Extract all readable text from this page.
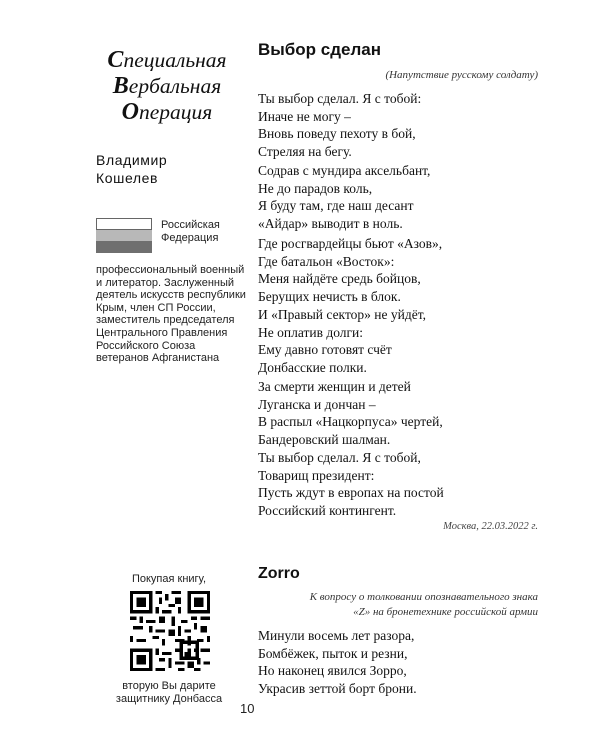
Специальная
Вербальная
Операция
Владимир
Кошелев
Российская
Федерация
профессиональный военный и литератор. Заслуженный деятель искусств республики Крым, член СП России, заместитель председателя Центрального Правления Российского Союза ветеранов Афганистана
Покупая книгу,
вторую Вы дарите
защитнику Донбасса
10
Выбор сделан
(Напутствие русскому солдату)
Ты выбор сделал. Я с тобой:
Иначе не могу –
Вновь поведу пехоту в бой,
Стреляя на бегу.
Содрав с мундира аксельбант,
Не до парадов коль,
Я буду там, где наш десант
«Айдар» выводит в ноль.
Где росгвардейцы бьют «Азов»,
Где батальон «Восток»:
Меня найдёте средь бойцов,
Берущих нечисть в блок.
И «Правый сектор» не уйдёт,
Не оплатив долги:
Ему давно готовят счёт
Донбасские полки.
За смерти женщин и детей
Луганска и дончан –
В распыл «Нацкорпуса» чертей,
Бандеровский шалман.
Ты выбор сделал. Я с тобой,
Товарищ президент:
Пусть ждут в европах на постой
Российский контингент.
Москва, 22.03.2022 г.
Zorro
К вопросу о толковании опознавательного знака
«Z» на бронетехнике российской армии
Минули восемь лет разора,
Бомбёжек, пыток и резни,
Но наконец явился Зорро,
Украсив зеттой борт брони.
